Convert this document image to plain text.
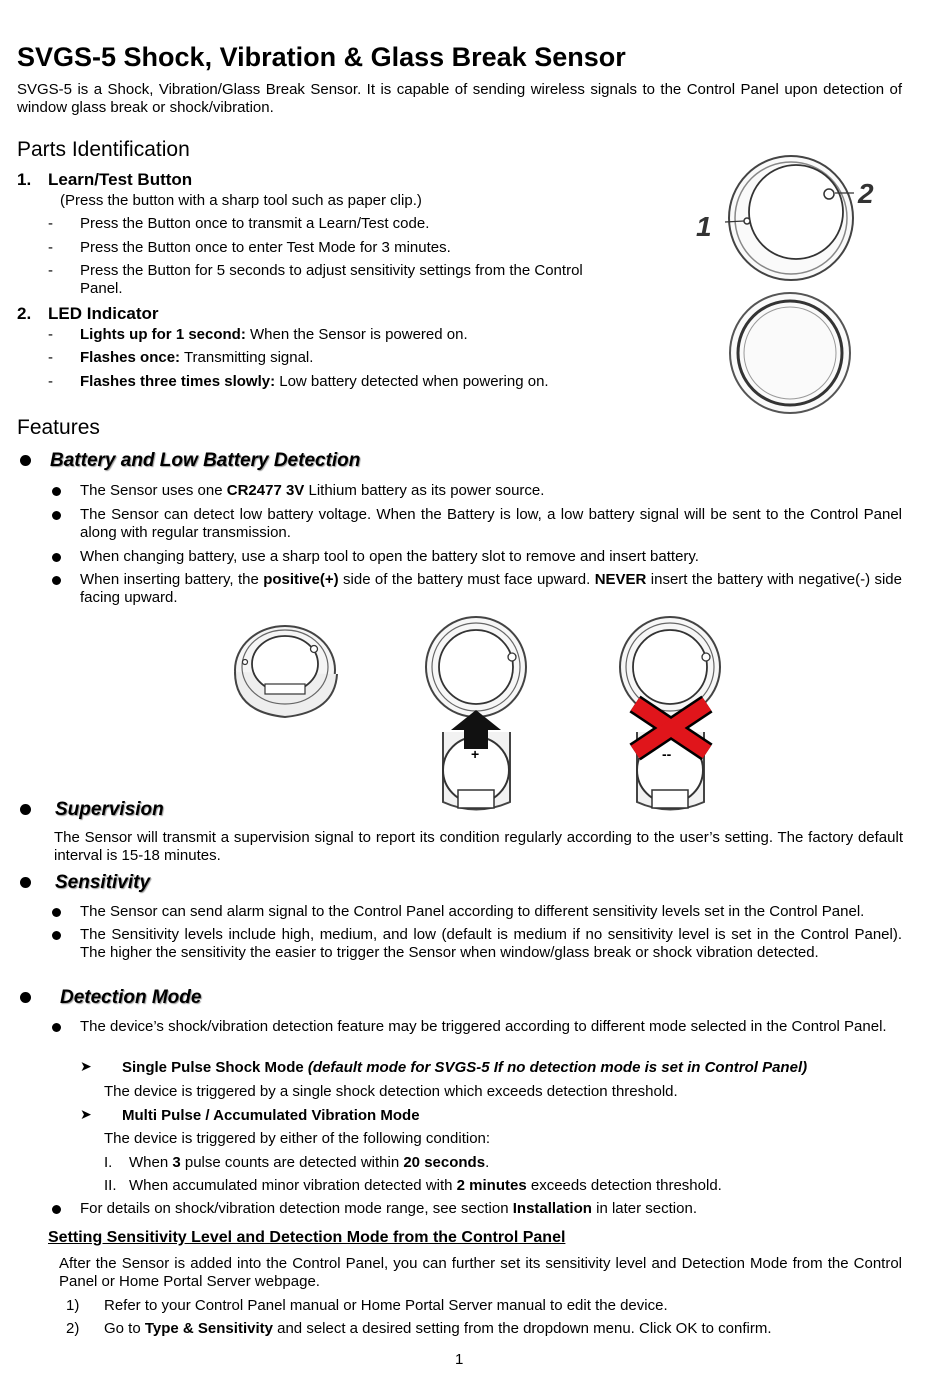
SVGS-5 Shock, Vibration & Glass Break Sensor
SVGS-5 is a Shock, Vibration/Glass Break Sensor. It is capable of sending wireless signals to the Control Panel upon detection of window glass break or shock/vibration.
Parts Identification
1. Learn/Test Button
(Press the button with a sharp tool such as paper clip.)
- Press the Button once to transmit a Learn/Test code.
- Press the Button once to enter Test Mode for 3 minutes.
- Press the Button for 5 seconds to adjust sensitivity settings from the Control Panel.
2. LED Indicator
- Lights up for 1 second: When the Sensor is powered on.
- Flashes once: Transmitting signal.
- Flashes three times slowly: Low battery detected when powering on.
1
2
Features
Battery and Low Battery Detection
The Sensor uses one CR2477 3V Lithium battery as its power source.
The Sensor can detect low battery voltage. When the Battery is low, a low battery signal will be sent to the Control Panel along with regular transmission.
When changing battery, use a sharp tool to open the battery slot to remove and insert battery.
When inserting battery, the positive(+) side of the battery must face upward. NEVER insert the battery with negative(-) side facing upward.
+	--
Supervision
The Sensor will transmit a supervision signal to report its condition regularly according to the user’s setting. The factory default interval is 15-18 minutes.
Sensitivity
The Sensor can send alarm signal to the Control Panel according to different sensitivity levels set in the Control Panel.
The Sensitivity levels include high, medium, and low (default is medium if no sensitivity level is set in the Control Panel). The higher the sensitivity the easier to trigger the Sensor when window/glass break or shock vibration detected.
Detection Mode
The device’s shock/vibration detection feature may be triggered according to different mode selected in the Control Panel.
➤ Single Pulse Shock Mode (default mode for SVGS-5 If no detection mode is set in Control Panel)
The device is triggered by a single shock detection which exceeds detection threshold.
➤ Multi Pulse / Accumulated Vibration Mode
The device is triggered by either of the following condition:
I. When 3 pulse counts are detected within 20 seconds.
II. When accumulated minor vibration detected with 2 minutes exceeds detection threshold.
For details on shock/vibration detection mode range, see section Installation in later section.
Setting Sensitivity Level and Detection Mode from the Control Panel
After the Sensor is added into the Control Panel, you can further set its sensitivity level and Detection Mode from the Control Panel or Home Portal Server webpage.
1) Refer to your Control Panel manual or Home Portal Server manual to edit the device.
2) Go to Type & Sensitivity and select a desired setting from the dropdown menu. Click OK to confirm.
1
